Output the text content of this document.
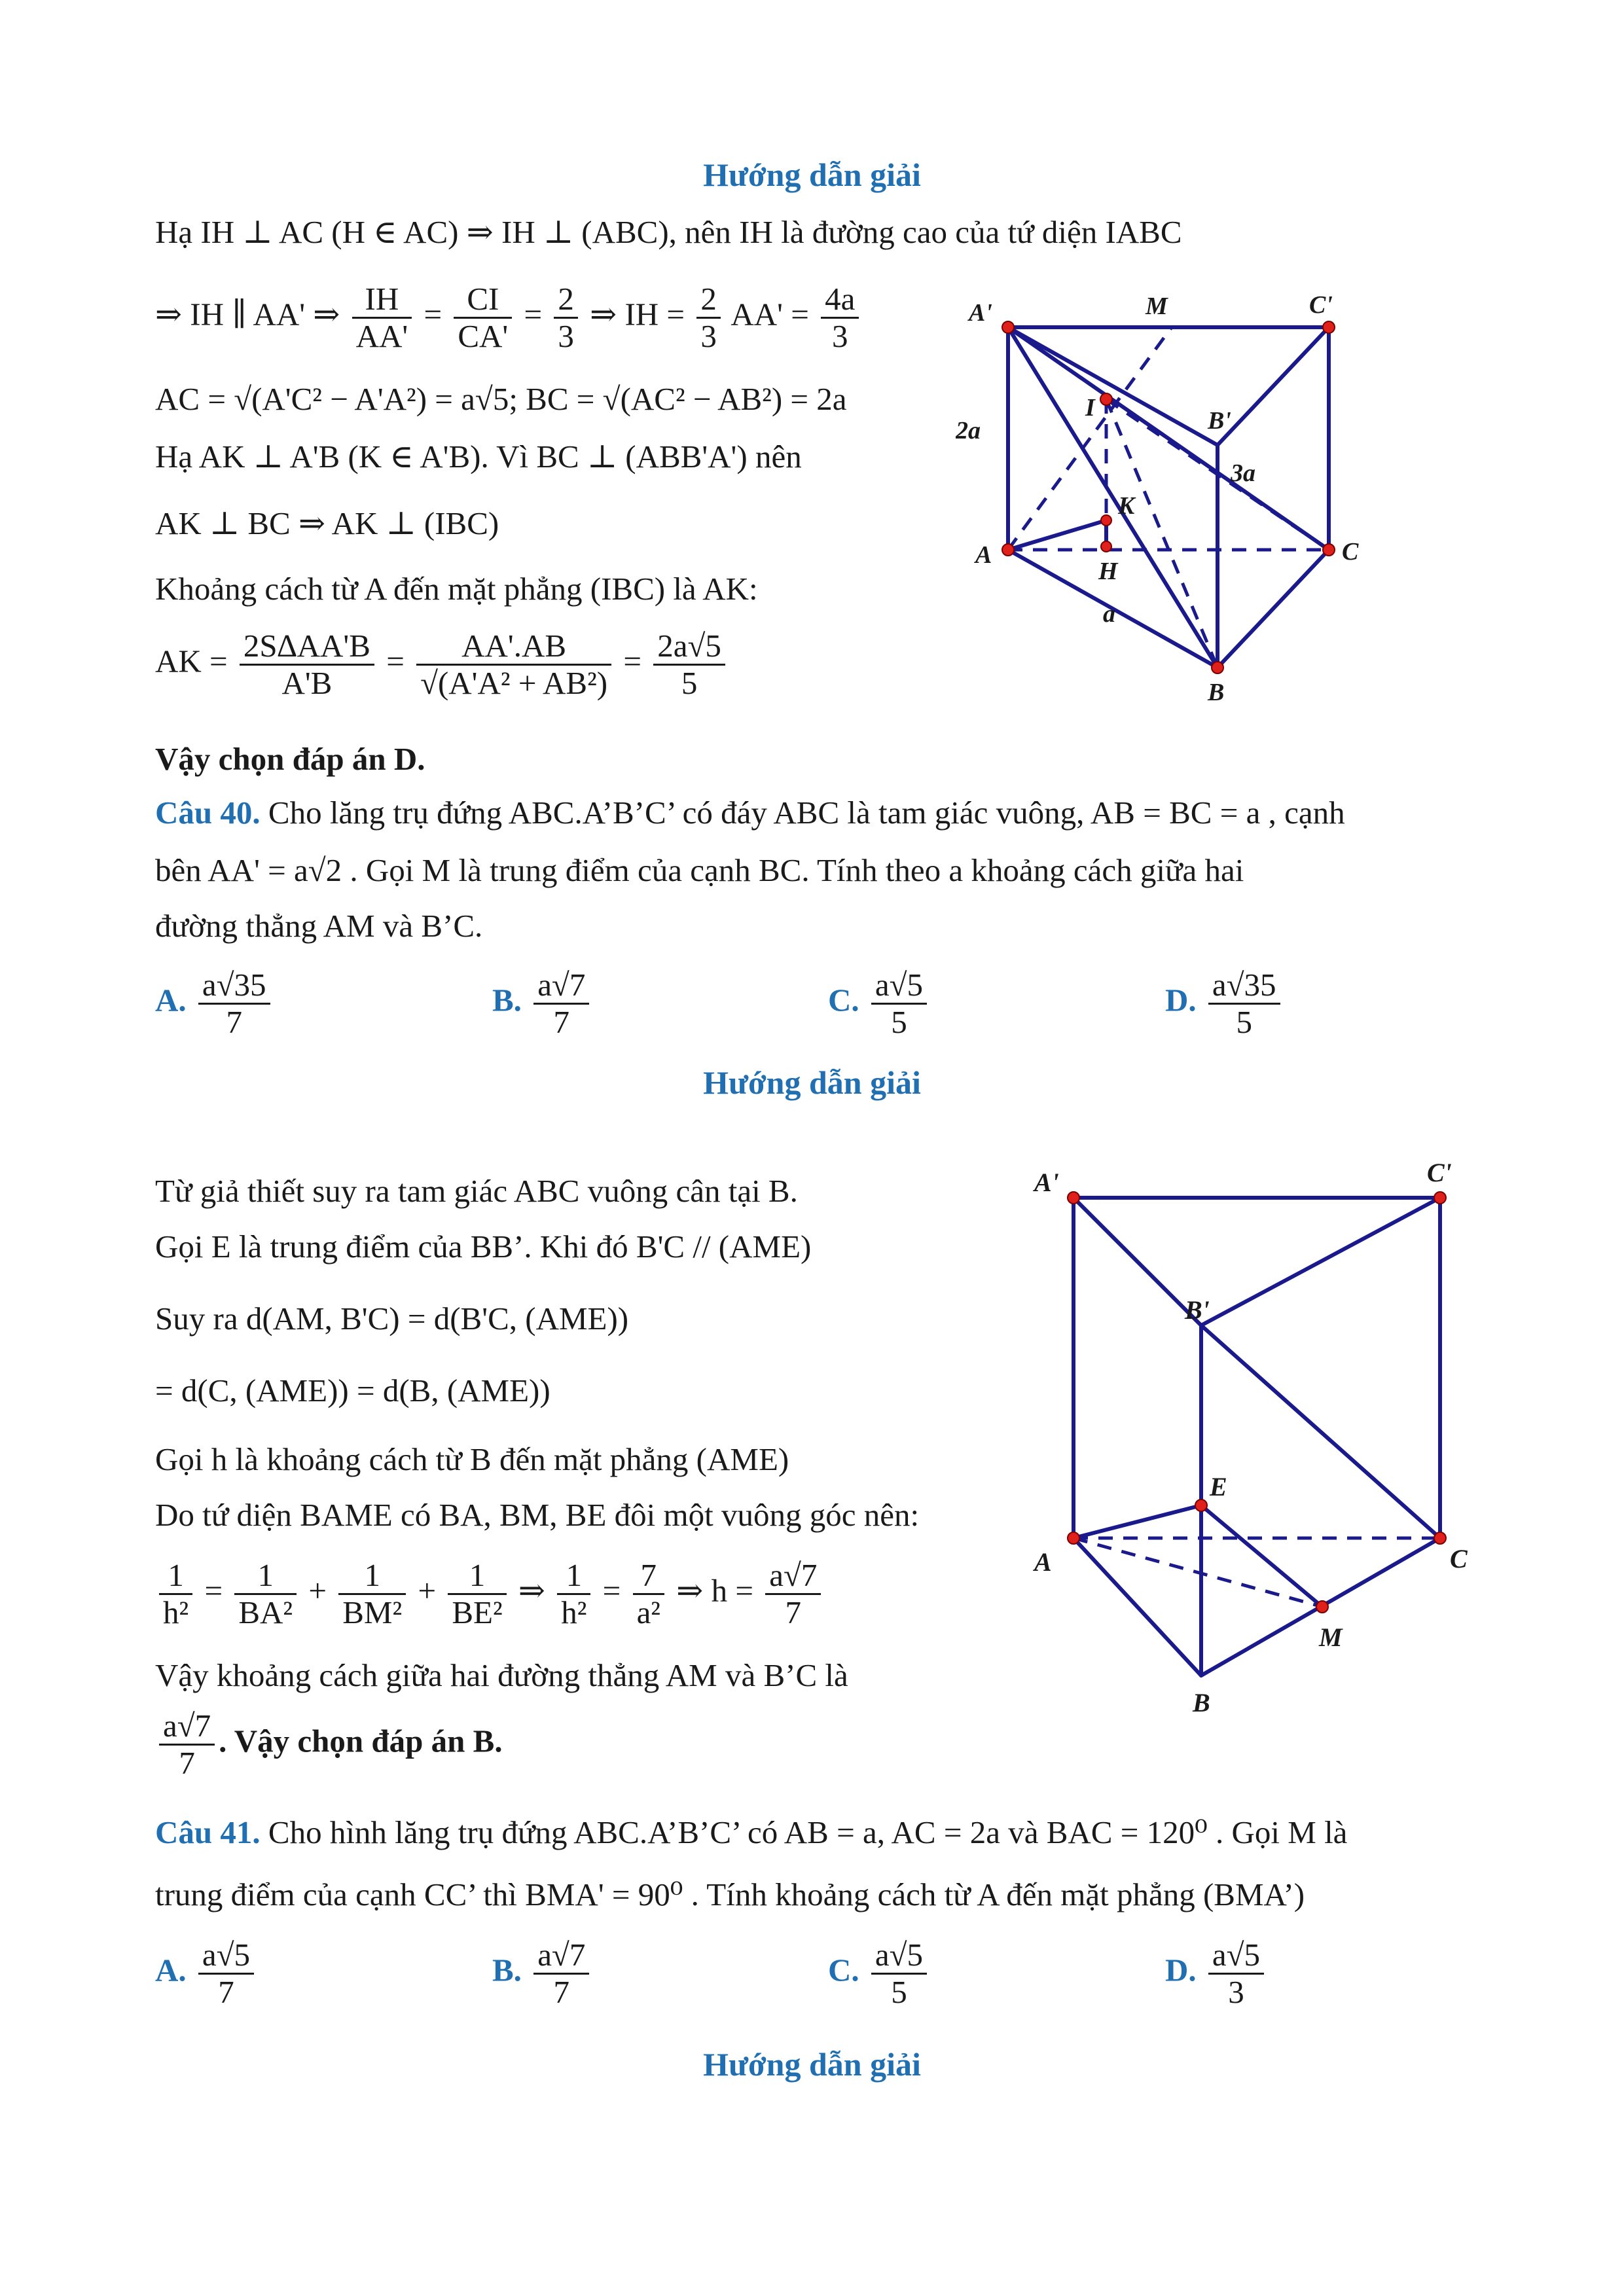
Hướng dẫn giải
Hạ IH ⊥ AC (H ∈ AC) ⇒ IH ⊥ (ABC), nên IH là đường cao của tứ diện IABC
⇒ IH ∥ AA' ⇒ $\frac{IH}{AA'} = \frac{CI}{CA'} = \frac{2}{3}$ ⇒ IH = $\frac{2}{3} AA' = \frac{4a}{3}$
AC = √(A'C² − A'A²) = a√5; BC = √(AC² − AB²) = 2a
Hạ AK ⊥ A'B (K ∈ A'B). Vì BC ⊥ (ABB'A') nên
AK ⊥ BC ⇒ AK ⊥ (IBC)
Khoảng cách từ A đến mặt phẳng (IBC) là AK:
AK = $\frac{2S\Delta AA'B}{A'B} = \frac{AA'.AB}{\text{√(A'A² + AB²)}} = \frac{2a√5}{5}$
Vậy chọn đáp án D.
A'	M	C'
I	B'
K
A
H
C
B
2a
3a
a
Câu 40. Cho lăng trụ đứng ABC.A’B’C’ có đáy ABC là tam giác vuông, AB = BC = a , cạnh
bên AA' = a√2 . Gọi M là trung điểm của cạnh BC. Tính theo a khoảng cách giữa hai
đường thẳng AM và B’C.
A. $\frac{a√35}{7}$	B. $\frac{a√7}{7}$	C. $\frac{a√5}{5}$	D. $\frac{a√35}{5}$
Hướng dẫn giải
Từ giả thiết suy ra tam giác ABC vuông cân tại B.
Gọi E là trung điểm của BB’. Khi đó B'C // (AME)
Suy ra d(AM, B'C) = d(B'C, (AME))
= d(C, (AME)) = d(B, (AME))
Gọi h là khoảng cách từ B đến mặt phẳng (AME)
Do tứ diện BAME có BA, BM, BE đôi một vuông góc nên:
$\frac{1}{\text{h²}} = \frac{1}{\text{BA²}} + \frac{1}{\text{BM²}} + \frac{1}{\text{BE²}}$ ⇒ $\frac{1}{\text{h²}} = \frac{7}{\text{a²}}$ ⇒ $h = \frac{a√7}{7}$
Vậy khoảng cách giữa hai đường thẳng AM và B’C là
$\frac{a√7}{7}$ . Vậy chọn đáp án B.
A'	C'
B'
E
A	C
M
B
Câu 41. Cho hình lăng trụ đứng ABC.A’B’C’ có AB = a, AC = 2a và BAC = 120⁰ . Gọi M là
trung điểm của cạnh CC’ thì BMA' = 90⁰ . Tính khoảng cách từ A đến mặt phẳng (BMA’)
A. $\frac{a√5}{7}$	B. $\frac{a√7}{7}$	C. $\frac{a√5}{5}$	D. $\frac{a√5}{3}$
Hướng dẫn giải
